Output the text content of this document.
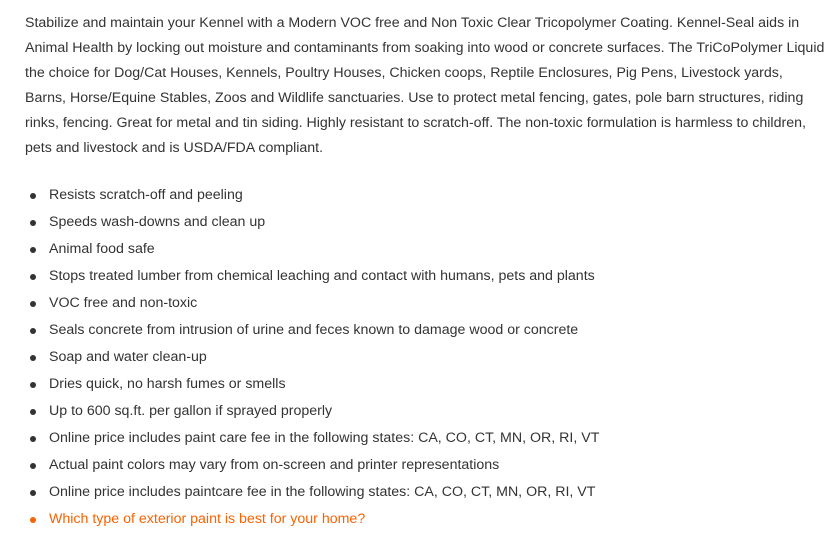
Stabilize and maintain your Kennel with a Modern VOC free and Non Toxic Clear Tricopolymer Coating. Kennel-Seal aids in Animal Health by locking out moisture and contaminants from soaking into wood or concrete surfaces. The TriCoPolymer Liquid the choice for Dog/Cat Houses, Kennels, Poultry Houses, Chicken coops, Reptile Enclosures, Pig Pens, Livestock yards, Barns, Horse/Equine Stables, Zoos and Wildlife sanctuaries. Use to protect metal fencing, gates, pole barn structures, riding rinks, fencing. Great for metal and tin siding. Highly resistant to scratch-off. The non-toxic formulation is harmless to children, pets and livestock and is USDA/FDA compliant.

Resists scratch-off and peeling
Speeds wash-downs and clean up
Animal food safe
Stops treated lumber from chemical leaching and contact with humans, pets and plants
VOC free and non-toxic
Seals concrete from intrusion of urine and feces known to damage wood or concrete
Soap and water clean-up
Dries quick, no harsh fumes or smells
Up to 600 sq.ft. per gallon if sprayed properly
Online price includes paint care fee in the following states: CA, CO, CT, MN, OR, RI, VT
Actual paint colors may vary from on-screen and printer representations
Online price includes paintcare fee in the following states: CA, CO, CT, MN, OR, RI, VT
Which type of exterior paint is best for your home?
